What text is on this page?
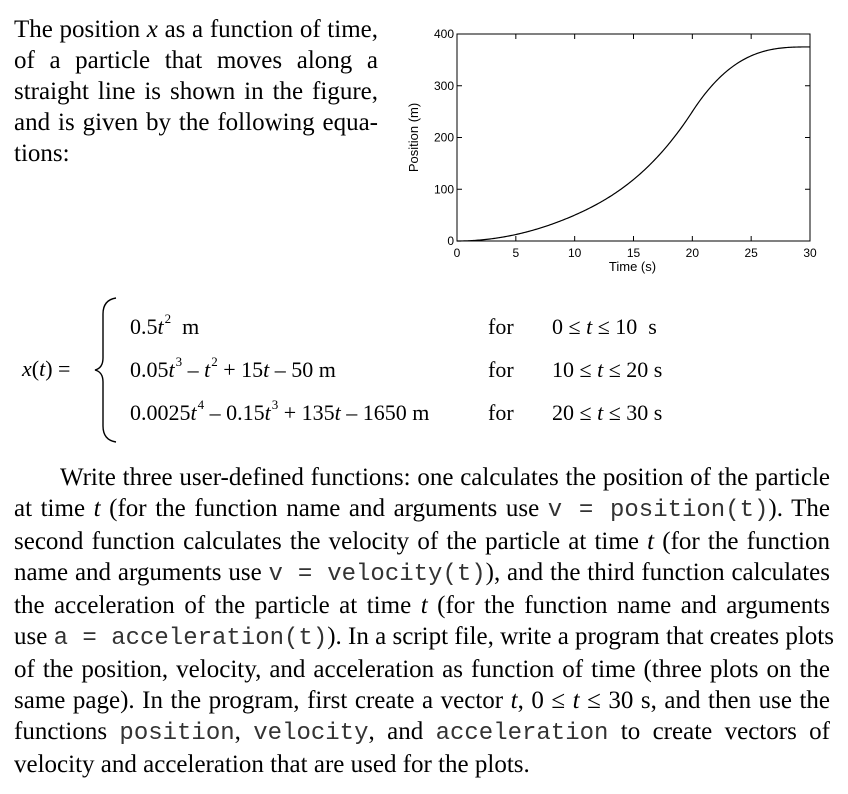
The position x as a function of time,
of a particle that moves along a
straight line is shown in the figure,
and is given by the following equa-
tions:
0	5	10	15	20	25	30
0
100
200
300
400
Time (s)
Position (m)
x(t) =
$0.5t^2$  m	for 0 ≤ t ≤ 10  s
$0.05t^3 - t^2 + 15t - 50$ m	for 10 ≤ t ≤ 20 s
$0.0025t^4 - 0.15t^3 + 135t - 1650$ m	for 20 ≤ t ≤ 30 s
Write three user-defined functions: one calculates the position of the particle
at time t (for the function name and arguments use v = position(t)). The
second function calculates the velocity of the particle at time t (for the function
name and arguments use v = velocity(t)), and the third function calculates
the acceleration of the particle at time t (for the function name and arguments
use a = acceleration(t)). In a script file, write a program that creates plots
of the position, velocity, and acceleration as function of time (three plots on the
same page). In the program, first create a vector t, 0 ≤ t ≤ 30 s, and then use the
functions position, velocity, and acceleration to create vectors of
velocity and acceleration that are used for the plots.
